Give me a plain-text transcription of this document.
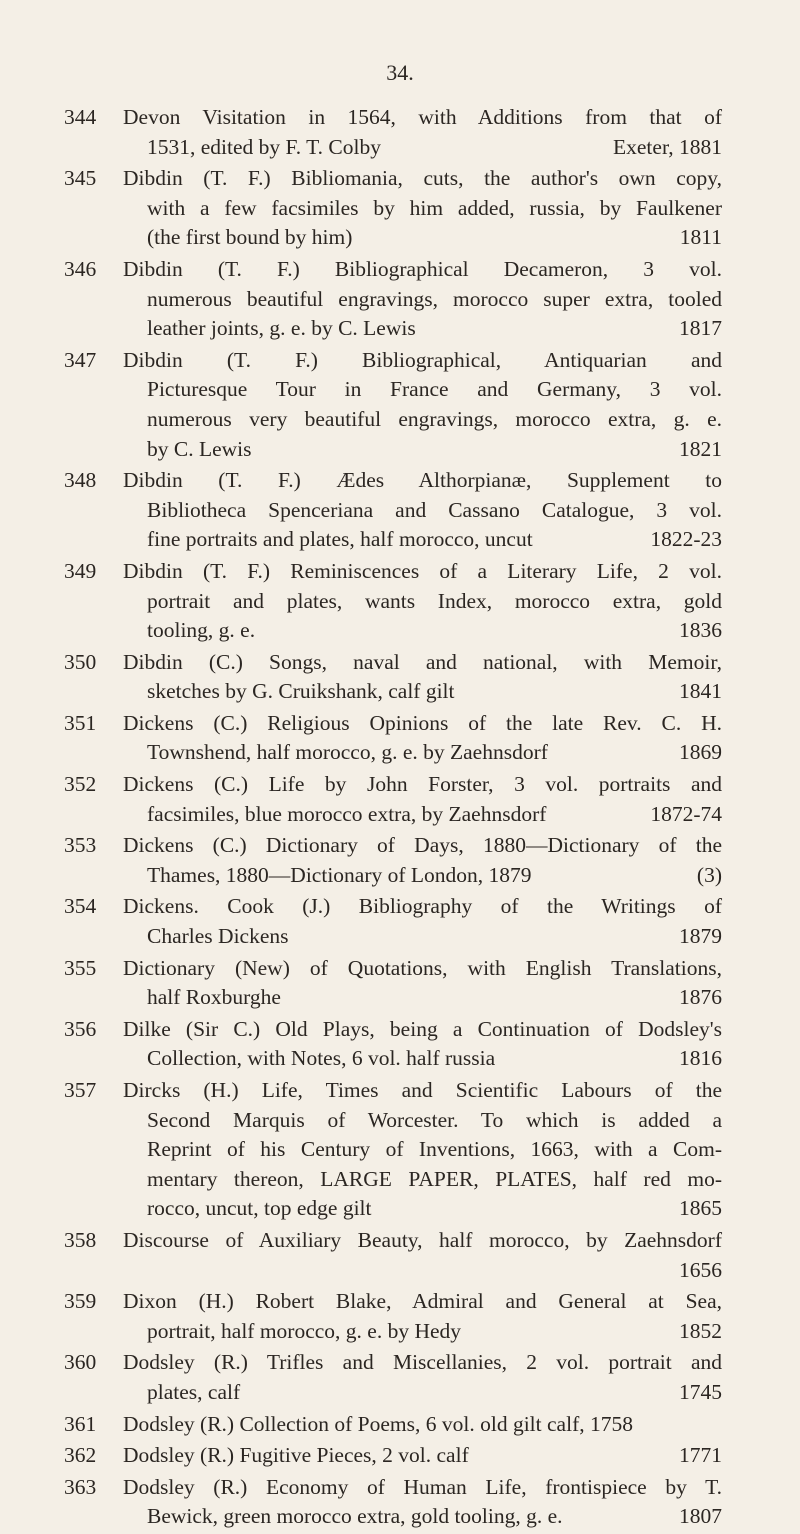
34.

344 Devon Visitation in 1564, with Additions from that of
Exeter, 1881
1531, edited by F. T. Colby
345 Dibdin (T. F.) Bibliomania, cuts, the author's own copy,
with a few facsimiles by him added, russia, by Faulkener
1811
(the first bound by him)
346 Dibdin (T. F.) Bibliographical Decameron, 3 vol.
numerous beautiful engravings, morocco super extra, tooled
1817
leather joints, g. e. by C. Lewis
347 Dibdin (T. F.) Bibliographical, Antiquarian and
Picturesque Tour in France and Germany, 3 vol.
numerous very beautiful engravings, morocco extra, g. e.
1821
by C. Lewis
348 Dibdin (T. F.) Ædes Althorpianæ, Supplement to
Bibliotheca Spenceriana and Cassano Catalogue, 3 vol.
1822-23
fine portraits and plates, half morocco, uncut
349 Dibdin (T. F.) Reminiscences of a Literary Life, 2 vol.
portrait and plates, wants Index, morocco extra, gold
1836
tooling, g. e.
350 Dibdin (C.) Songs, naval and national, with Memoir,
1841
sketches by G. Cruikshank, calf gilt
351 Dickens (C.) Religious Opinions of the late Rev. C. H.
1869
Townshend, half morocco, g. e. by Zaehnsdorf
352 Dickens (C.) Life by John Forster, 3 vol. portraits and
1872-74
facsimiles, blue morocco extra, by Zaehnsdorf
353 Dickens (C.) Dictionary of Days, 1880—Dictionary of the
(3)
Thames, 1880—Dictionary of London, 1879
354 Dickens. Cook (J.) Bibliography of the Writings of
1879
Charles Dickens
355 Dictionary (New) of Quotations, with English Translations,
1876
half Roxburghe
356 Dilke (Sir C.) Old Plays, being a Continuation of Dodsley's
1816
Collection, with Notes, 6 vol. half russia
357 Dircks (H.) Life, Times and Scientific Labours of the
Second Marquis of Worcester. To which is added a
Reprint of his Century of Inventions, 1663, with a Com-
mentary thereon, LARGE PAPER, PLATES, half red mo-
1865
rocco, uncut, top edge gilt
358 Discourse of Auxiliary Beauty, half morocco, by Zaehnsdorf
1656
359 Dixon (H.) Robert Blake, Admiral and General at Sea,
1852
portrait, half morocco, g. e. by Hedy
360 Dodsley (R.) Trifles and Miscellanies, 2 vol. portrait and
1745
plates, calf
361 Dodsley (R.) Collection of Poems, 6 vol. old gilt calf, 1758
362	1771
Dodsley (R.) Fugitive Pieces, 2 vol. calf
363 Dodsley (R.) Economy of Human Life, frontispiece by T.
1807
Bewick, green morocco extra, gold tooling, g. e.
